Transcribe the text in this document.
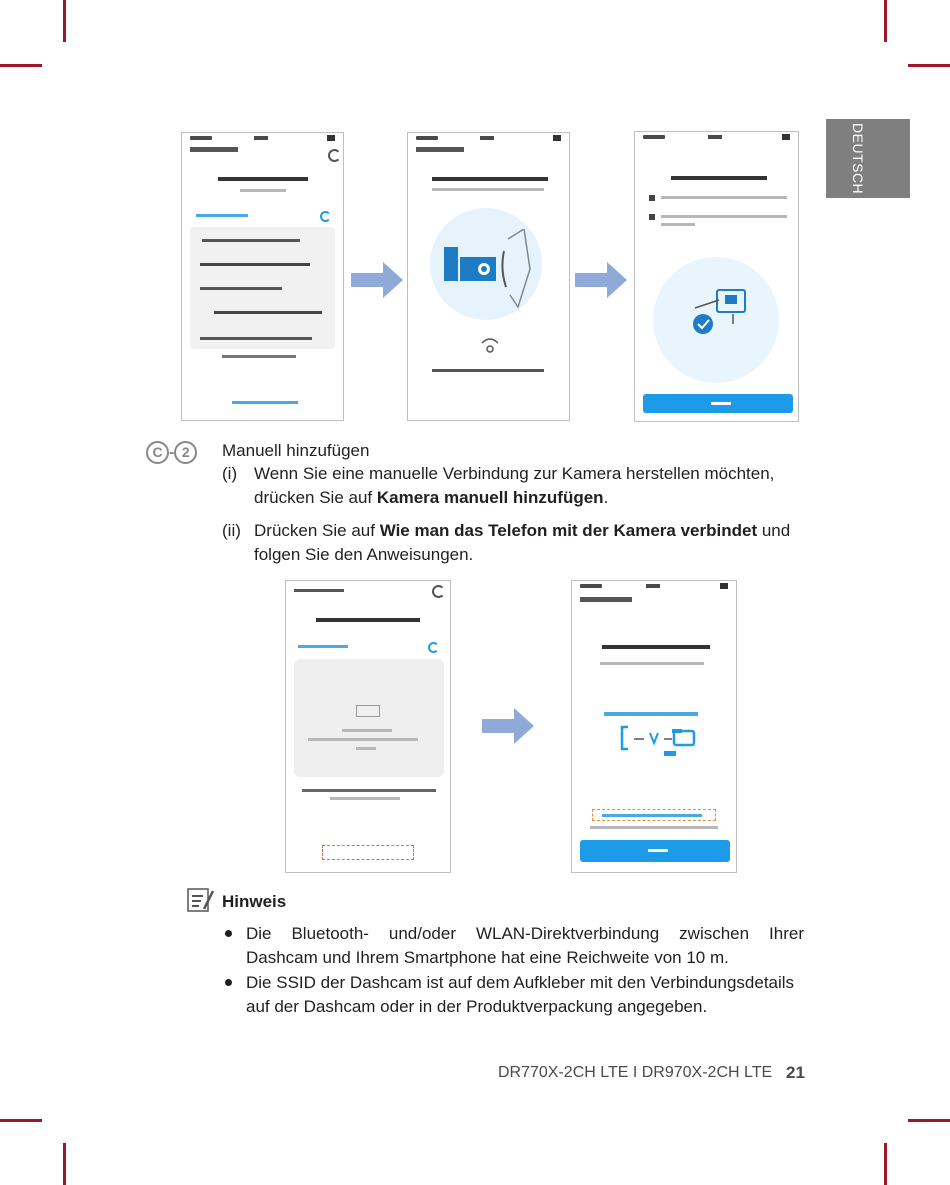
DEUTSCH
C - 2	Manuell hinzufügen
(i) Wenn Sie eine manuelle Verbindung zur Kamera herstellen möchten,
drücken Sie auf Kamera manuell hinzufügen.
(ii) Drücken Sie auf Wie man das Telefon mit der Kamera verbindet und
folgen Sie den Anweisungen.
Hinweis
Die Bluetooth- und/oder WLAN-Direktverbindung zwischen Ihrer
Dashcam und Ihrem Smartphone hat eine Reichweite von 10 m.
Die SSID der Dashcam ist auf dem Aufkleber mit den Verbindungsdetails
auf der Dashcam oder in der Produktverpackung angegeben.
DR770X-2CH LTE I DR970X-2CH LTE 21
